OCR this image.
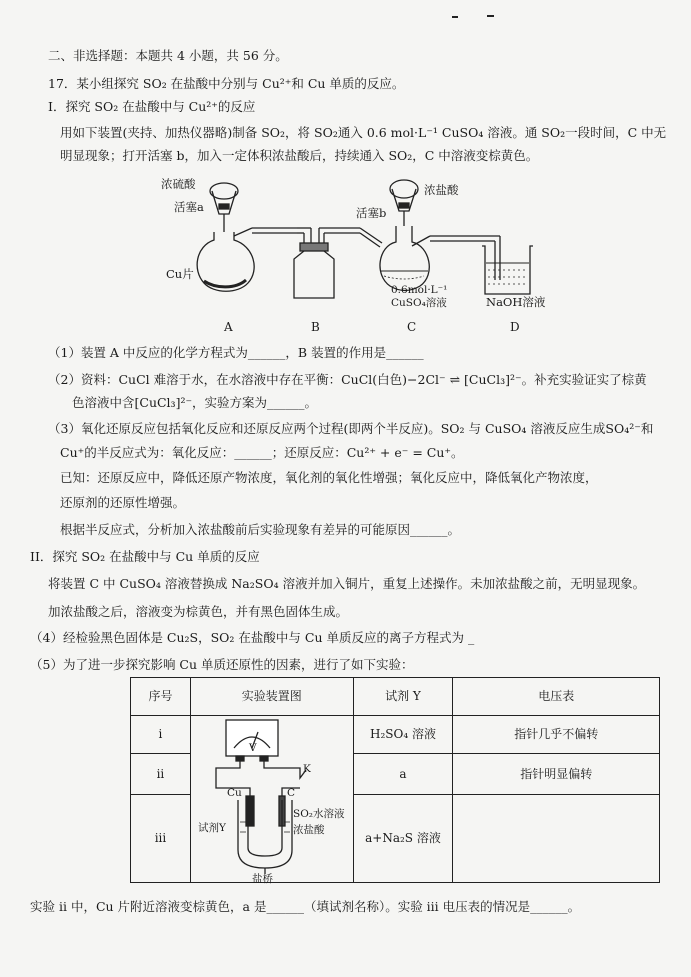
二、非选择题：本题共 4 小题，共 56 分。
17．某小组探究 SO₂ 在盐酸中分别与 Cu²⁺和 Cu 单质的反应。
I．探究 SO₂ 在盐酸中与 Cu²⁺的反应
用如下装置(夹持、加热仪器略)制备 SO₂，将 SO₂通入 0.6 mol·L⁻¹ CuSO₄ 溶液。通 SO₂一段时间，C 中无
明显现象；打开活塞 b，加入一定体积浓盐酸后，持续通入 SO₂，C 中溶液变棕黄色。
浓硫酸
活塞a
Cu片
浓盐酸
活塞b
0.6mol·L⁻¹
CuSO₄溶液	NaOH溶液
A	B	C	D
（1）装置 A 中反应的化学方程式为______，B 装置的作用是______
（2）资料：CuCl 难溶于水，在水溶液中存在平衡：CuCl(白色)−2Cl⁻ ⇌ [CuCl₃]²⁻。补充实验证实了棕黄
色溶液中含[CuCl₃]²⁻，实验方案为______。
（3）氧化还原反应包括氧化反应和还原反应两个过程(即两个半反应)。SO₂ 与 CuSO₄ 溶液反应生成SO₄²⁻和
Cu⁺的半反应式为：氧化反应：______；还原反应：Cu²⁺ + e⁻ = Cu⁺。
已知：还原反应中，降低还原产物浓度，氧化剂的氧化性增强；氧化反应中，降低氧化产物浓度，
还原剂的还原性增强。
根据半反应式，分析加入浓盐酸前后实验现象有差异的可能原因______。
II．探究 SO₂ 在盐酸中与 Cu 单质的反应
将装置 C 中 CuSO₄ 溶液替换成 Na₂SO₄ 溶液并加入铜片，重复上述操作。未加浓盐酸之前，无明显现象。
加浓盐酸之后，溶液变为棕黄色，并有黑色固体生成。
（4）经检验黑色固体是 Cu₂S，SO₂ 在盐酸中与 Cu 单质反应的离子方程式为 _
（5）为了进一步探究影响 Cu 单质还原性的因素，进行了如下实验：
序号	实验装置图	试剂 Y	电压表
i		H₂SO₄ 溶液	指针几乎不偏转
ii		a	指针明显偏转
iii		a+Na₂S 溶液	
V
K
Cu	C
试剂Y
SO₂水溶液
浓盐酸
盐桥
实验 ii 中，Cu 片附近溶液变棕黄色，a 是______（填试剂名称）。实验 iii 电压表的情况是______。
